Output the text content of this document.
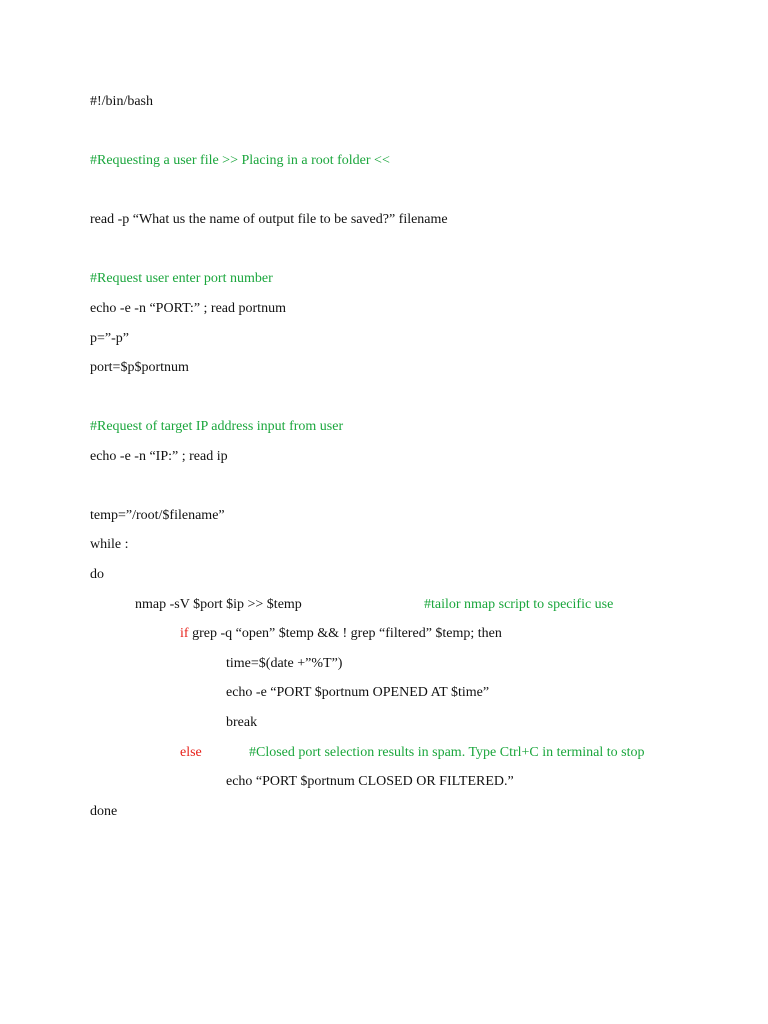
#!/bin/bash
#Requesting a user file >> Placing in a root folder <<
read -p “What us the name of output file to be saved?” filename
#Request user enter port number
echo -e -n “PORT:” ; read portnum
p=”-p”
port=$p$portnum
#Request of target IP address input from user
echo -e -n “IP:” ; read ip
temp=”/root/$filename”
while :
do
nmap -sV $port $ip >> $temp	#tailor nmap script to specific use
if grep -q “open” $temp && ! grep “filtered” $temp; then
time=$(date +”%T”)
echo -e “PORT $portnum OPENED AT $time”
break
else	#Closed port selection results in spam. Type Ctrl+C in terminal to stop
echo “PORT $portnum CLOSED OR FILTERED.”
done
